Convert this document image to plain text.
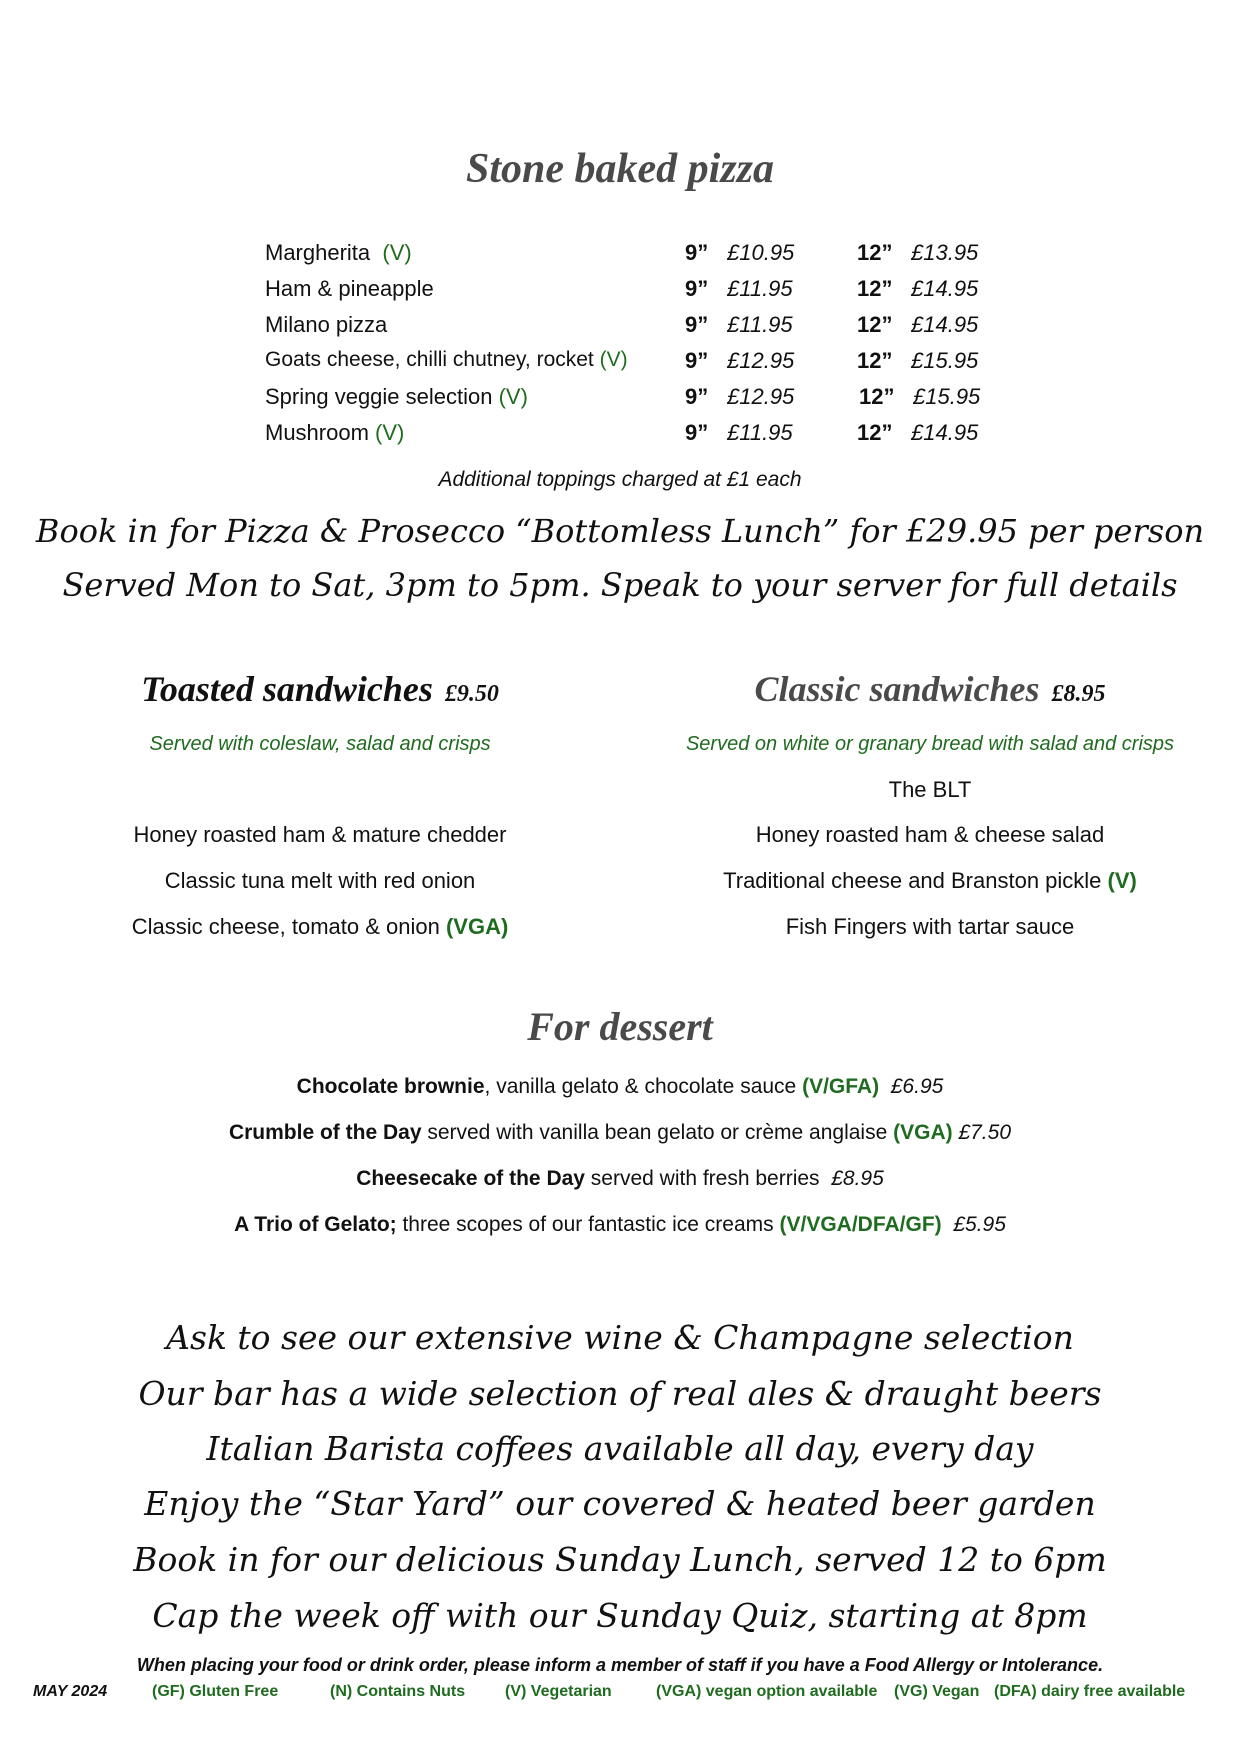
Stone baked pizza
Margherita (V)	9” £10.95	12” £13.95
Ham & pineapple	9” £11.95	12” £14.95
Milano pizza	9” £11.95	12” £14.95
Goats cheese, chilli chutney, rocket (V)	9” £12.95	12” £15.95
Spring veggie selection (V)	9” £12.95	12” £15.95
Mushroom (V)	9” £11.95	12” £14.95
Additional toppings charged at £1 each
Book in for Pizza & Prosecco “Bottomless Lunch” for £29.95 per person
Served Mon to Sat, 3pm to 5pm. Speak to your server for full details
Toasted sandwiches £9.50
Served with coleslaw, salad and crisps
Honey roasted ham & mature chedder
Classic tuna melt with red onion
Classic cheese, tomato & onion (VGA)
Classic sandwiches £8.95
Served on white or granary bread with salad and crisps
The BLT
Honey roasted ham & cheese salad
Traditional cheese and Branston pickle (V)
Fish Fingers with tartar sauce
For dessert
Chocolate brownie, vanilla gelato & chocolate sauce (V/GFA) £6.95
Crumble of the Day served with vanilla bean gelato or crème anglaise (VGA) £7.50
Cheesecake of the Day served with fresh berries £8.95
A Trio of Gelato; three scopes of our fantastic ice creams (V/VGA/DFA/GF) £5.95
Ask to see our extensive wine & Champagne selection
Our bar has a wide selection of real ales & draught beers
Italian Barista coffees available all day, every day
Enjoy the “Star Yard” our covered & heated beer garden
Book in for our delicious Sunday Lunch, served 12 to 6pm
Cap the week off with our Sunday Quiz, starting at 8pm
When placing your food or drink order, please inform a member of staff if you have a Food Allergy or Intolerance.
MAY 2024	(GF) Gluten Free	(N) Contains Nuts (V) Vegetarian	(VGA) vegan option available (VG) Vegan (DFA) dairy free available
